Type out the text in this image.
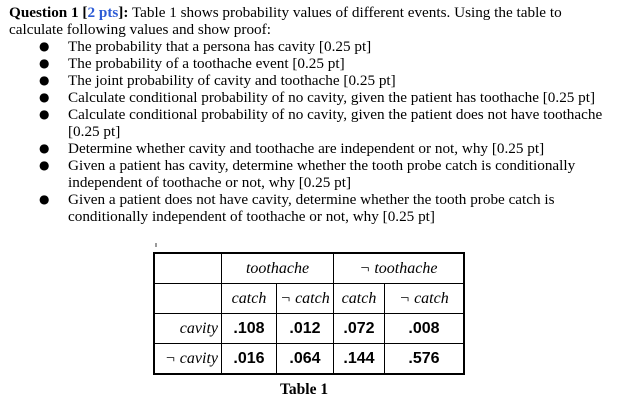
Question 1 [2 pts]: Table 1 shows probability values of different events. Using the table to calculate following values and show proof:

● The probability that a persona has cavity [0.25 pt]
● The probability of a toothache event [0.25 pt]
● The joint probability of cavity and toothache [0.25 pt]
● Calculate conditional probability of no cavity, given the patient has toothache [0.25 pt]
● Calculate conditional probability of no cavity, given the patient does not have toothache [0.25 pt]
● Determine whether cavity and toothache are independent or not, why [0.25 pt]
● Given a patient has cavity, determine whether the tooth probe catch is conditionally independent of toothache or not, why [0.25 pt]
● Given a patient does not have cavity, determine whether the tooth probe catch is conditionally independent of toothache or not, why [0.25 pt]
	toothache		¬ toothache	
	catch	¬ catch	catch	¬ catch
cavity	.108	.012	.072	.008
¬ cavity	.016	.064	.144	.576
Table 1
